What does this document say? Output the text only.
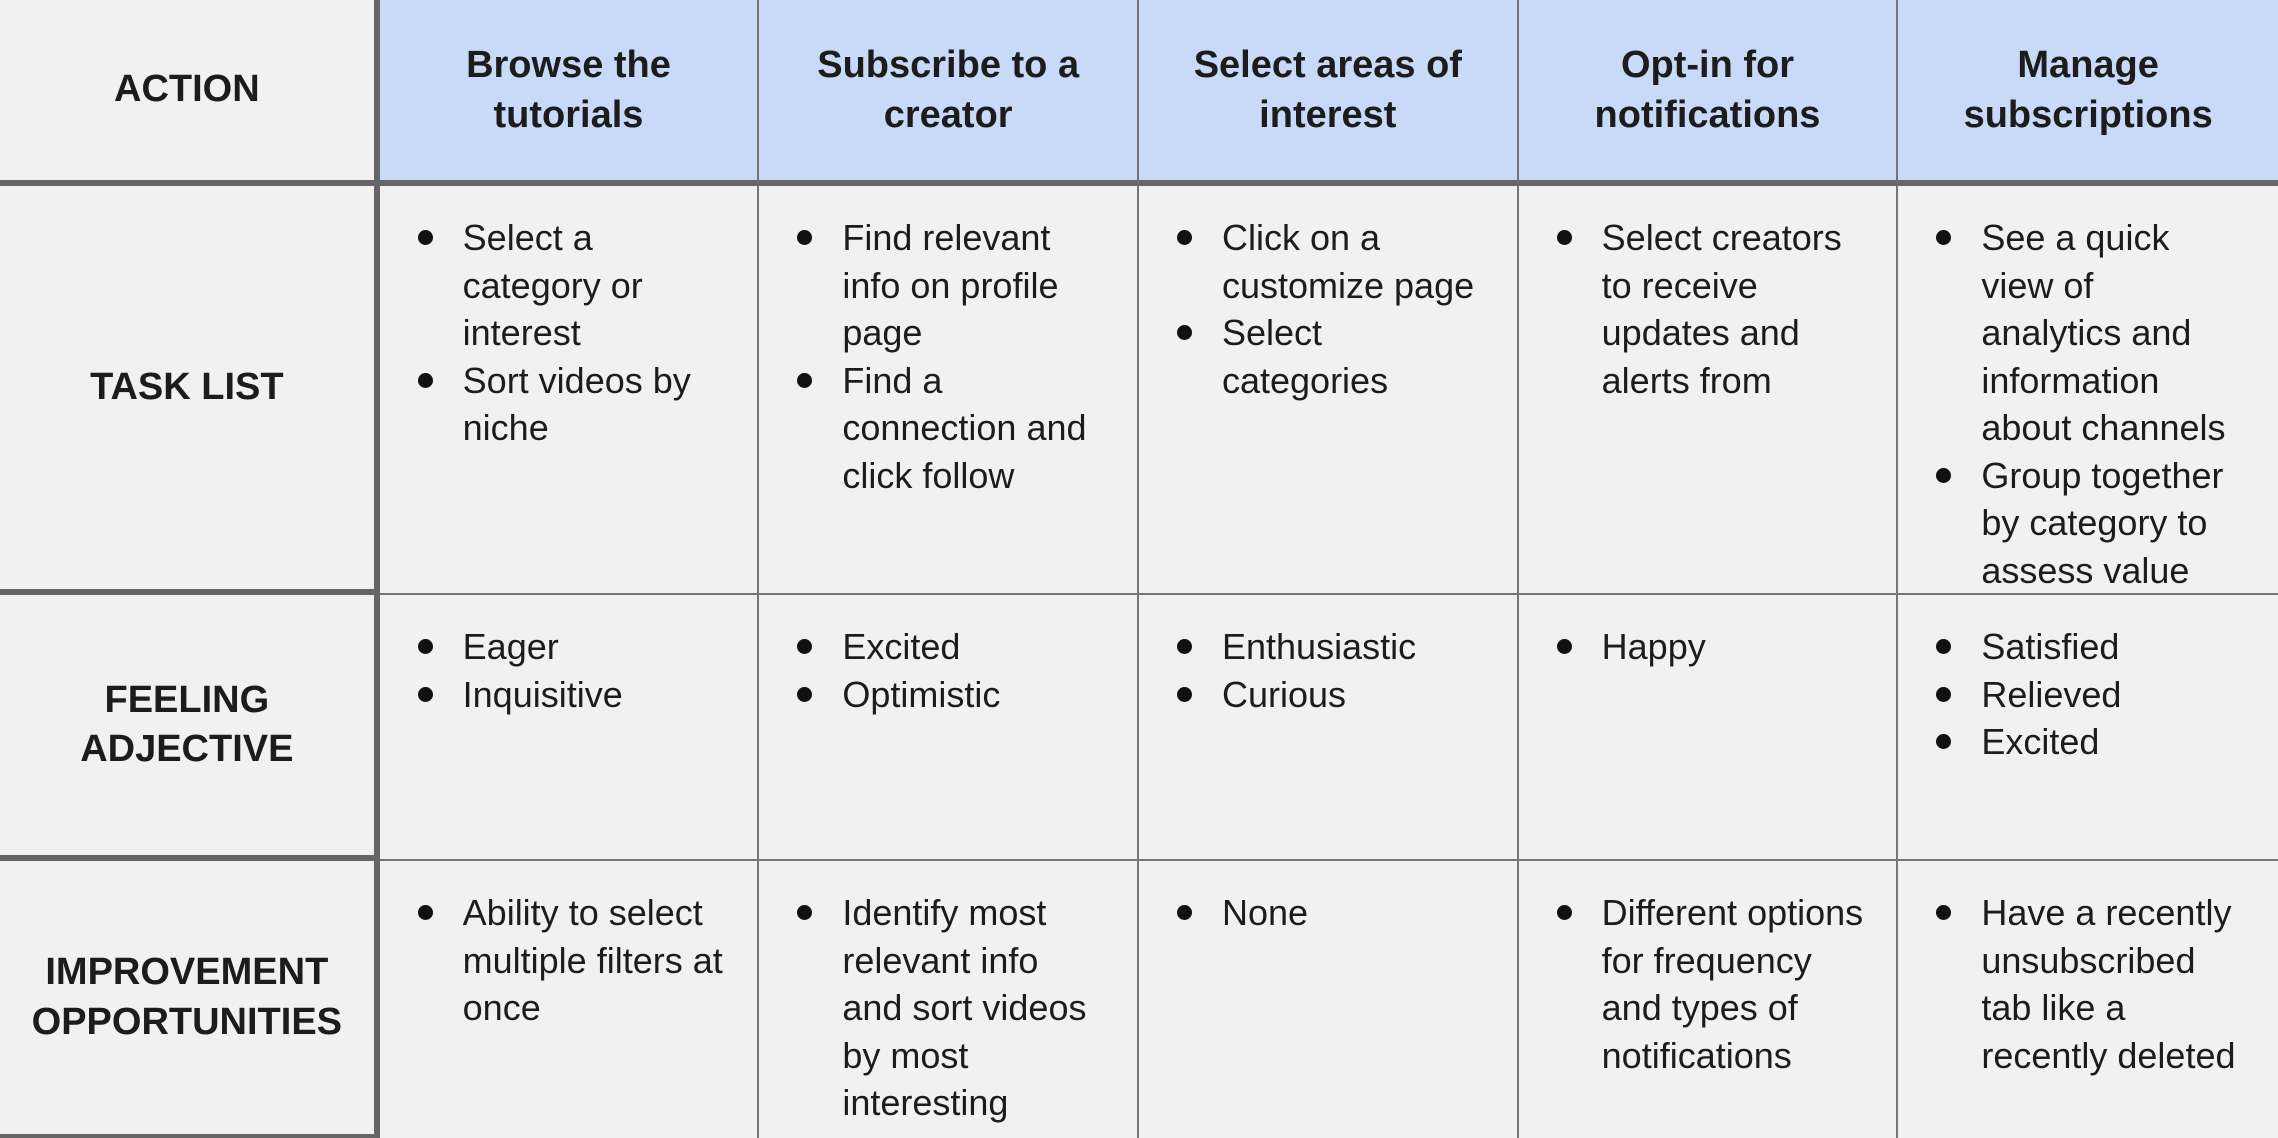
ACTION
Browse the tutorials
Subscribe to a creator
Select areas of interest
Opt-in for notifications
Manage subscriptions
TASK LIST
Select a category or interest
Sort videos by niche
Find relevant info on profile page
Find a connection and click follow
Click on a customize page
Select categories
Select creators to receive updates and alerts from
See a quick view of analytics and information about channels
Group together by category to assess value
FEELING ADJECTIVE
Eager
Inquisitive
Excited
Optimistic
Enthusiastic
Curious
Happy	Satisfied
Relieved
Excited
IMPROVEMENT OPPORTUNITIES
Ability to select multiple filters at once
Identify most relevant info and sort videos by most interesting
None	Different options for frequency and types of notifications
Have a recently unsubscribed tab like a recently deleted
